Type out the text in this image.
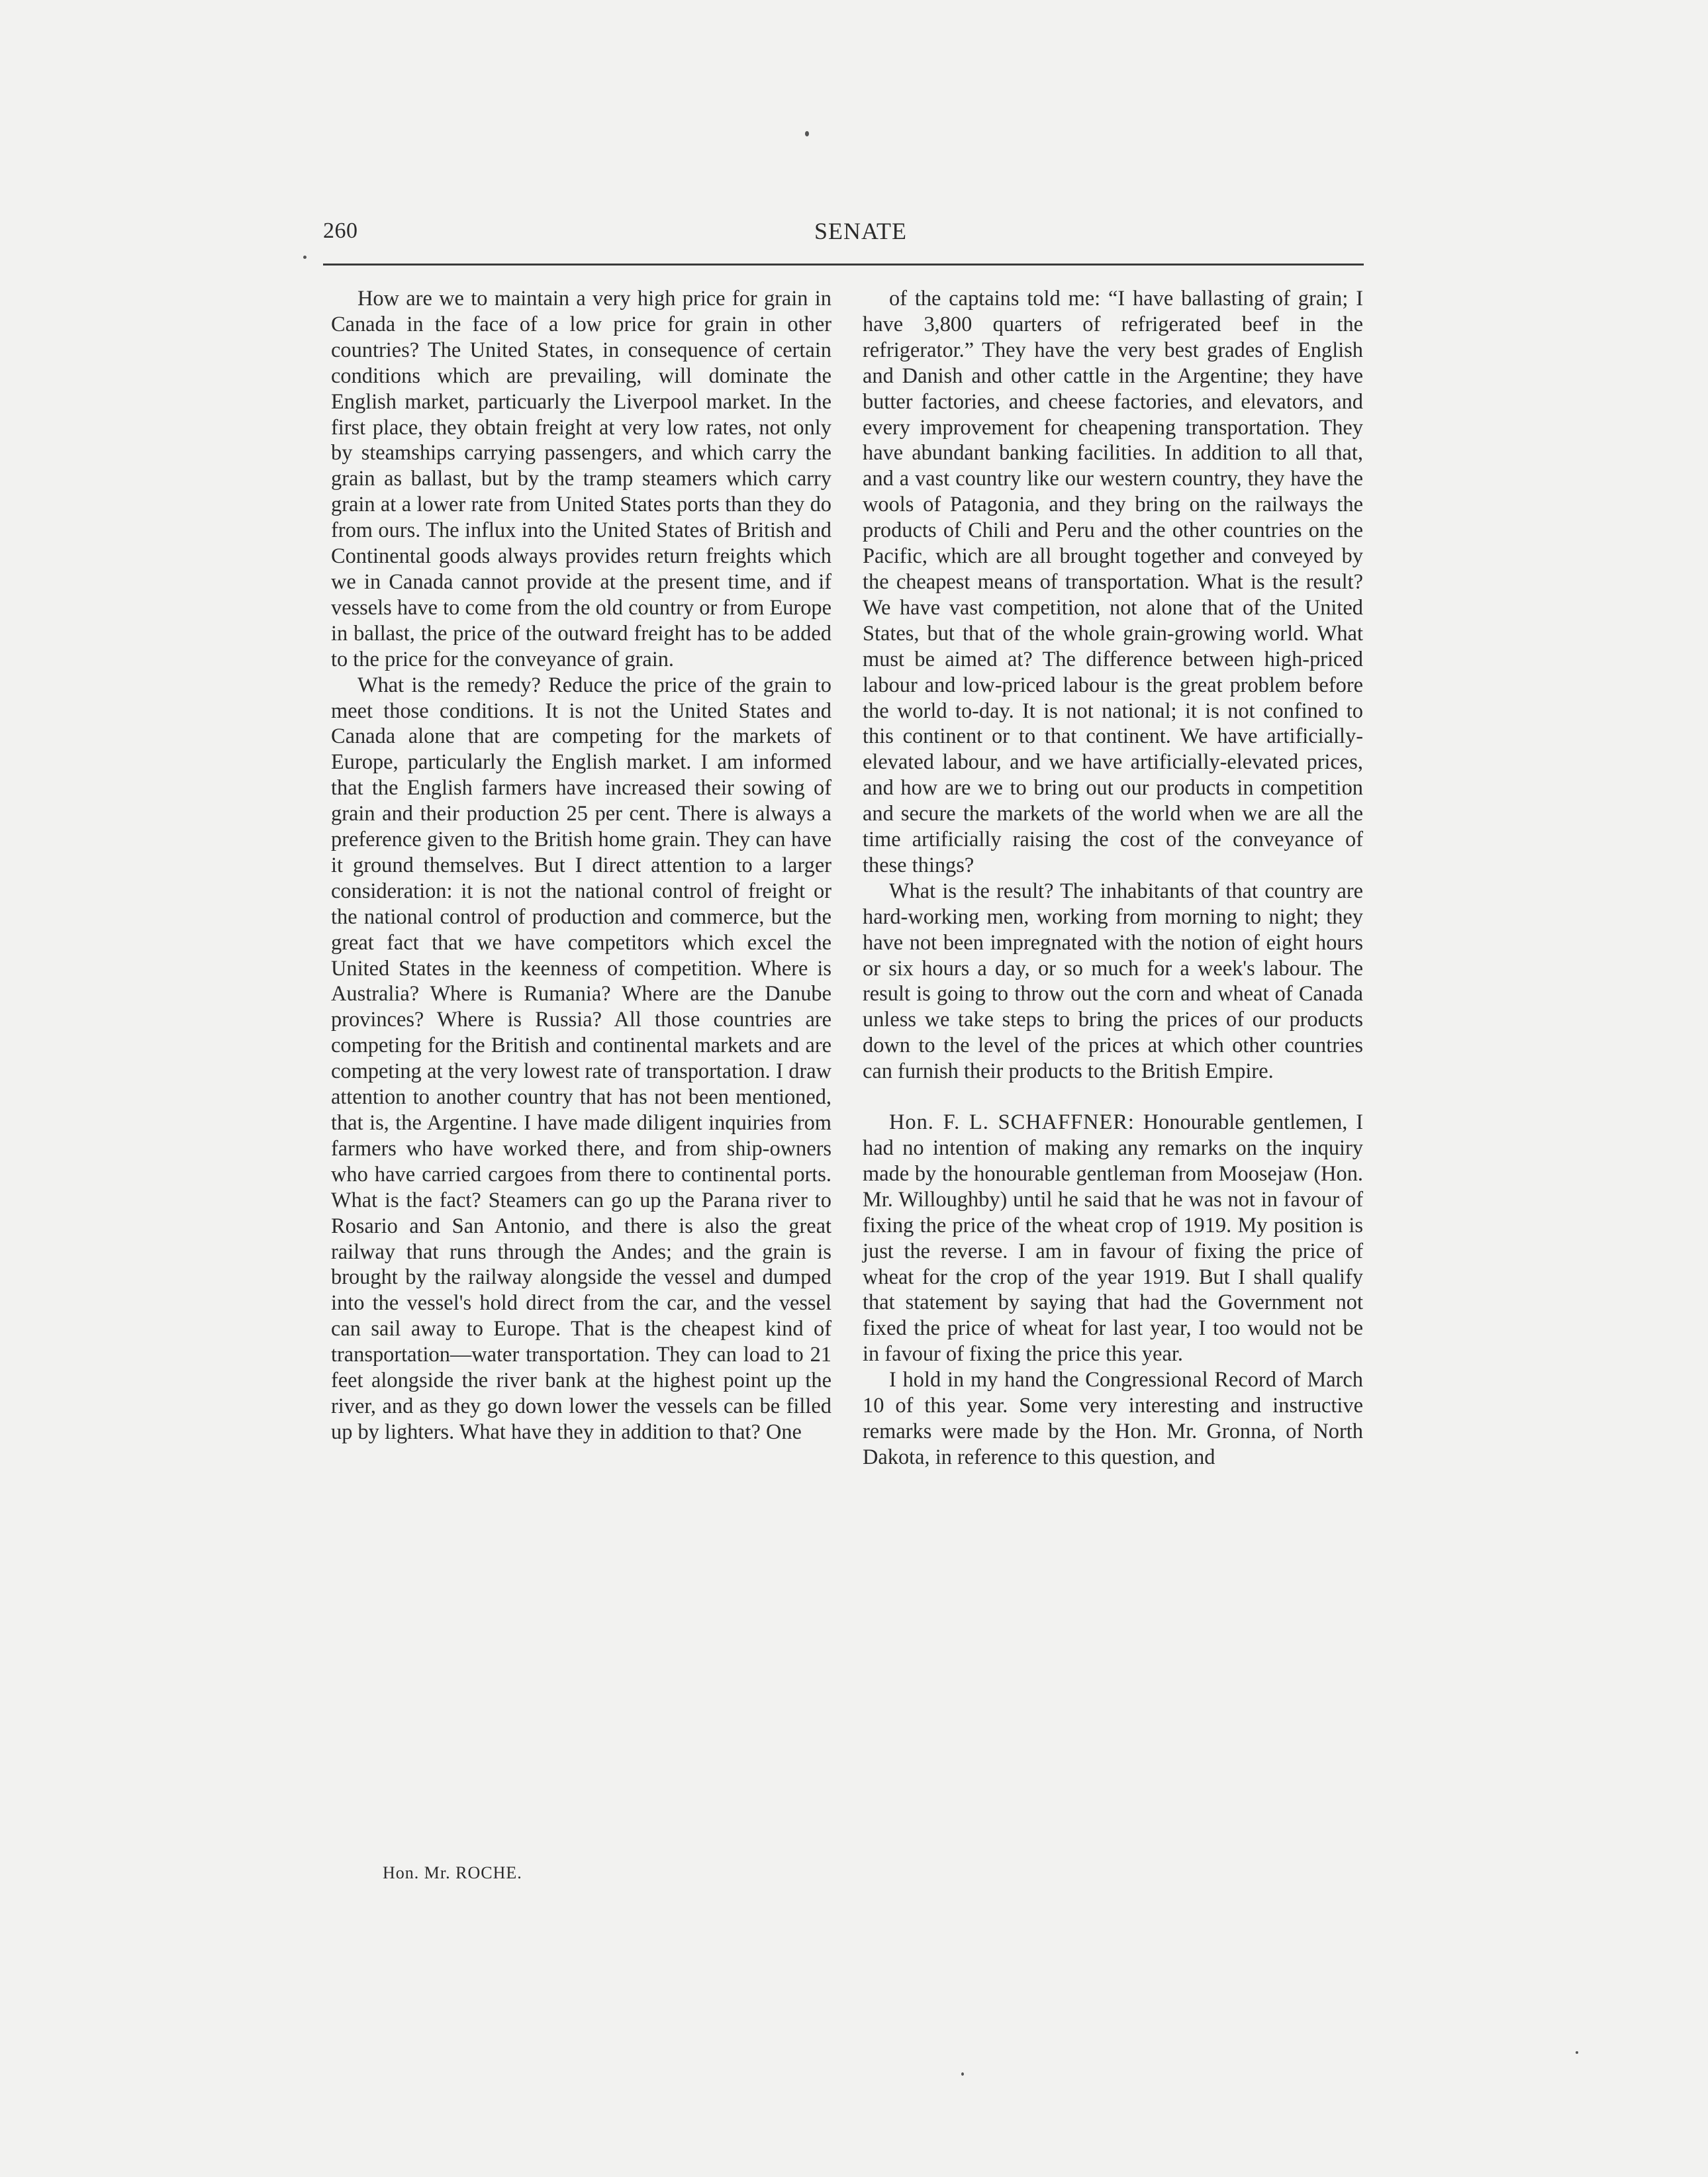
260	SENATE

How are we to maintain a very high price for grain in Canada in the face of a low price for grain in other countries? The United States, in consequence of certain conditions which are prevailing, will dominate the English market, particuarly the Liverpool market. In the first place, they obtain freight at very low rates, not only by steamships carrying passengers, and which carry the grain as ballast, but by the tramp steamers which carry grain at a lower rate from United States ports than they do from ours. The influx into the United States of British and Continental goods always provides return freights which we in Canada cannot provide at the present time, and if vessels have to come from the old country or from Europe in ballast, the price of the outward freight has to be added to the price for the conveyance of grain.

What is the remedy? Reduce the price of the grain to meet those conditions. It is not the United States and Canada alone that are competing for the markets of Europe, particularly the English market. I am informed that the English farmers have increased their sowing of grain and their production 25 per cent. There is always a preference given to the British home grain. They can have it ground themselves. But I direct attention to a larger consideration: it is not the national control of freight or the national control of production and commerce, but the great fact that we have competitors which excel the United States in the keenness of competition. Where is Australia? Where is Rumania? Where are the Danube provinces? Where is Russia? All those countries are competing for the British and continental markets and are competing at the very lowest rate of transportation. I draw attention to another country that has not been mentioned, that is, the Argentine. I have made diligent inquiries from farmers who have worked there, and from ship-owners who have carried cargoes from there to continental ports. What is the fact? Steamers can go up the Parana river to Rosario and San Antonio, and there is also the great railway that runs through the Andes; and the grain is brought by the railway alongside the vessel and dumped into the vessel's hold direct from the car, and the vessel can sail away to Europe. That is the cheapest kind of transportation—water transportation. They can load to 21 feet alongside the river bank at the highest point up the river, and as they go down lower the vessels can be filled up by lighters. What have they in addition to that? One

of the captains told me: “I have ballasting of grain; I have 3,800 quarters of refrigerated beef in the refrigerator.” They have the very best grades of English and Danish and other cattle in the Argentine; they have butter factories, and cheese factories, and elevators, and every improvement for cheapening transportation. They have abundant banking facilities. In addition to all that, and a vast country like our western country, they have the wools of Patagonia, and they bring on the railways the products of Chili and Peru and the other countries on the Pacific, which are all brought together and conveyed by the cheapest means of transportation. What is the result? We have vast competition, not alone that of the United States, but that of the whole grain-growing world. What must be aimed at? The difference between high-priced labour and low-priced labour is the great problem before the world to-day. It is not national; it is not confined to this continent or to that continent. We have artificially-elevated labour, and we have artificially-elevated prices, and how are we to bring out our products in competition and secure the markets of the world when we are all the time artificially raising the cost of the conveyance of these things?

What is the result? The inhabitants of that country are hard-working men, working from morning to night; they have not been impregnated with the notion of eight hours or six hours a day, or so much for a week's labour. The result is going to throw out the corn and wheat of Canada unless we take steps to bring the prices of our products down to the level of the prices at which other countries can furnish their products to the British Empire.

Hon. F. L. SCHAFFNER: Honourable gentlemen, I had no intention of making any remarks on the inquiry made by the honourable gentleman from Moosejaw (Hon. Mr. Willoughby) until he said that he was not in favour of fixing the price of the wheat crop of 1919. My position is just the reverse. I am in favour of fixing the price of wheat for the crop of the year 1919. But I shall qualify that statement by saying that had the Government not fixed the price of wheat for last year, I too would not be in favour of fixing the price this year.

I hold in my hand the Congressional Record of March 10 of this year. Some very interesting and instructive remarks were made by the Hon. Mr. Gronna, of North Dakota, in reference to this question, and

Hon. Mr. ROCHE.
